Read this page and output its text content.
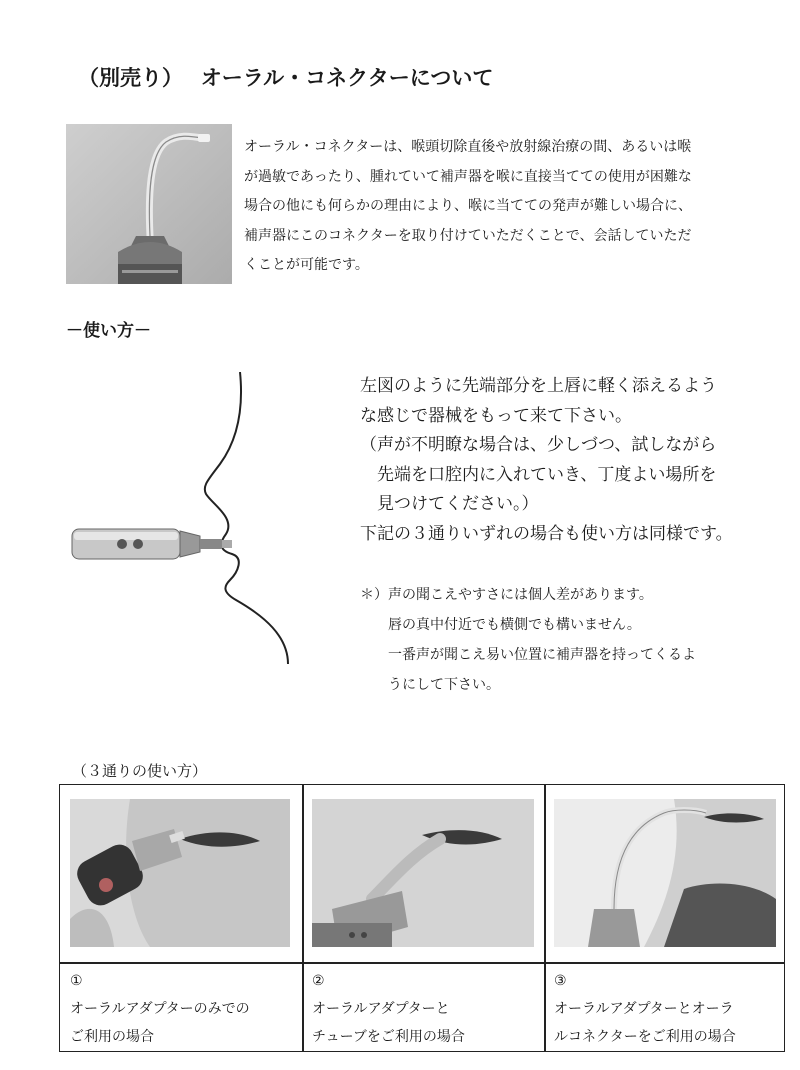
（別売り）　 オーラル・コネクターについて

オーラル・コネクターは、喉頭切除直後や放射線治療の間、あるいは喉

が過敏であったり、腫れていて補声器を喉に直接当てての使用が困難な

場合の他にも何らかの理由により、喉に当てての発声が難しい場合に、

補声器にこのコネクターを取り付けていただくことで、会話していただ

くことが可能です。

－使い方－

左図のように先端部分を上唇に軽く添えるよう

な感じで器械をもって来て下さい。

（声が不明瞭な場合は、少しづつ、試しながら

　先端を口腔内に入れていき、丁度よい場所を

　見つけてください。）

下記の３通りいずれの場合も使い方は同様です。

＊）声の聞こえやすさには個人差があります。

　　唇の真中付近でも横側でも構いません。

　　一番声が聞こえ易い位置に補声器を持ってくるよ

　　うにして下さい。

（３通りの使い方）

①

オーラルアダプターのみでの

ご利用の場合

②

オーラルアダプターと

チューブをご利用の場合

③

オーラルアダプターとオーラ

ルコネクターをご利用の場合
